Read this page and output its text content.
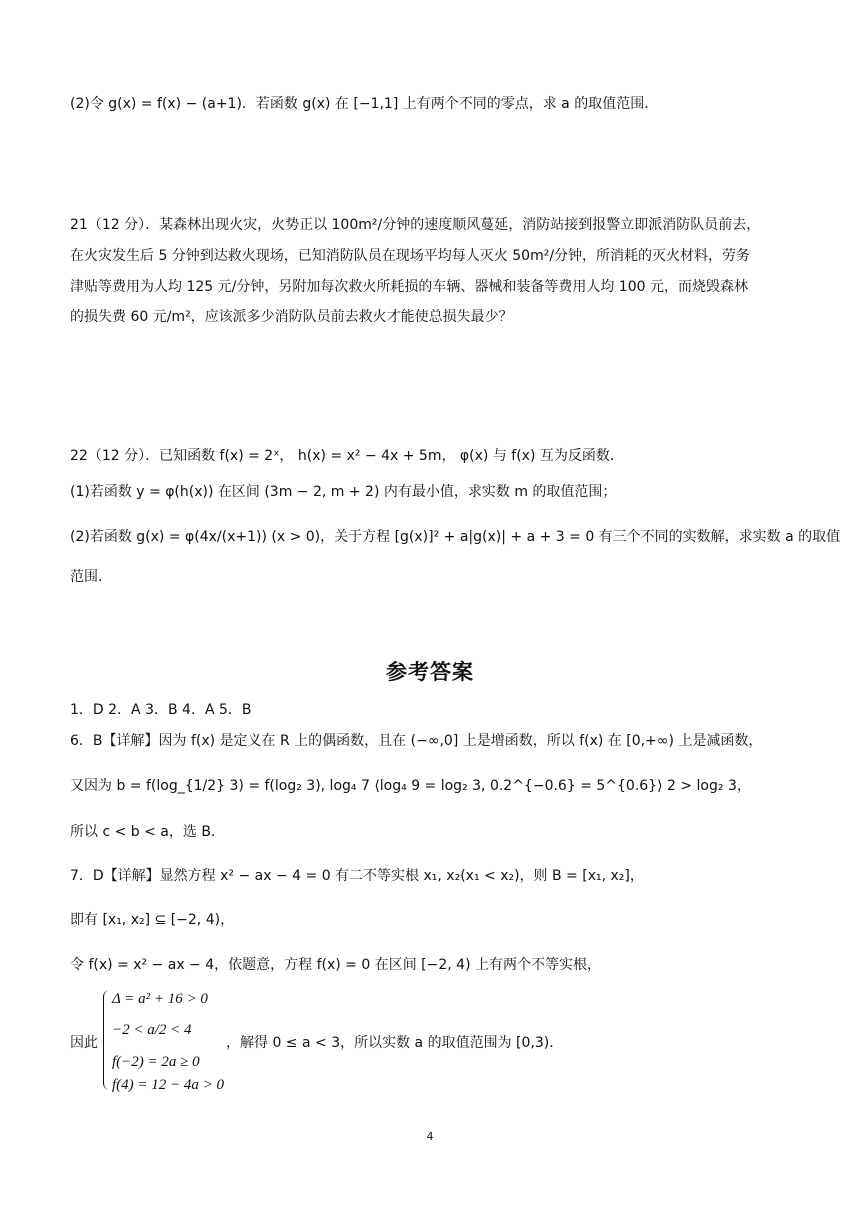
(2)令 g(x) = f(x) − (a+1)．若函数 g(x) 在 [−1,1] 上有两个不同的零点，求 a 的取值范围．
21（12 分）．某森林出现火灾，火势正以 100m²/分钟的速度顺风蔓延，消防站接到报警立即派消防队员前去，
在火灾发生后 5 分钟到达救火现场，已知消防队员在现场平均每人灭火 50m²/分钟，所消耗的灭火材料，劳务
津贴等费用为人均 125 元/分钟，另附加每次救火所耗损的车辆、器械和装备等费用人均 100 元，而烧毁森林
的损失费 60 元/m²，应该派多少消防队员前去救火才能使总损失最少？
22（12 分）．已知函数 f(x) = 2ˣ， h(x) = x² − 4x + 5m， φ(x) 与 f(x) 互为反函数．
(1)若函数 y = φ(h(x)) 在区间 (3m − 2, m + 2) 内有最小值，求实数 m 的取值范围；
(2)若函数 g(x) = φ(4x/(x+1)) (x > 0)，关于方程 [g(x)]² + a|g(x)| + a + 3 = 0 有三个不同的实数解，求实数 a 的取值
范围．
参考答案
1．D 2．A 3．B 4．A 5．B
6．B【详解】因为 f(x) 是定义在 R 上的偶函数，且在 (−∞,0] 上是增函数，所以 f(x) 在 [0,+∞) 上是减函数，
又因为 b = f(log_{1/2} 3) = f(log₂ 3), log₄ 7 ⟨log₄ 9 = log₂ 3, 0.2^{−0.6} = 5^{0.6}⟩ 2 > log₂ 3，
所以 c < b < a，选 B.
7．D【详解】显然方程 x² − ax − 4 = 0 有二不等实根 x₁, x₂(x₁ < x₂)，则 B = [x₁, x₂]，
即有 [x₁, x₂] ⊆ [−2, 4)，
令 f(x) = x² − ax − 4，依题意，方程 f(x) = 0 在区间 [−2, 4) 上有两个不等实根，
因此
Δ = a² + 16 > 0
−2 < a/2 < 4
f(−2) = 2a ≥ 0
f(4) = 12 − 4a > 0
，解得 0 ≤ a < 3，所以实数 a 的取值范围为 [0,3)．
4
